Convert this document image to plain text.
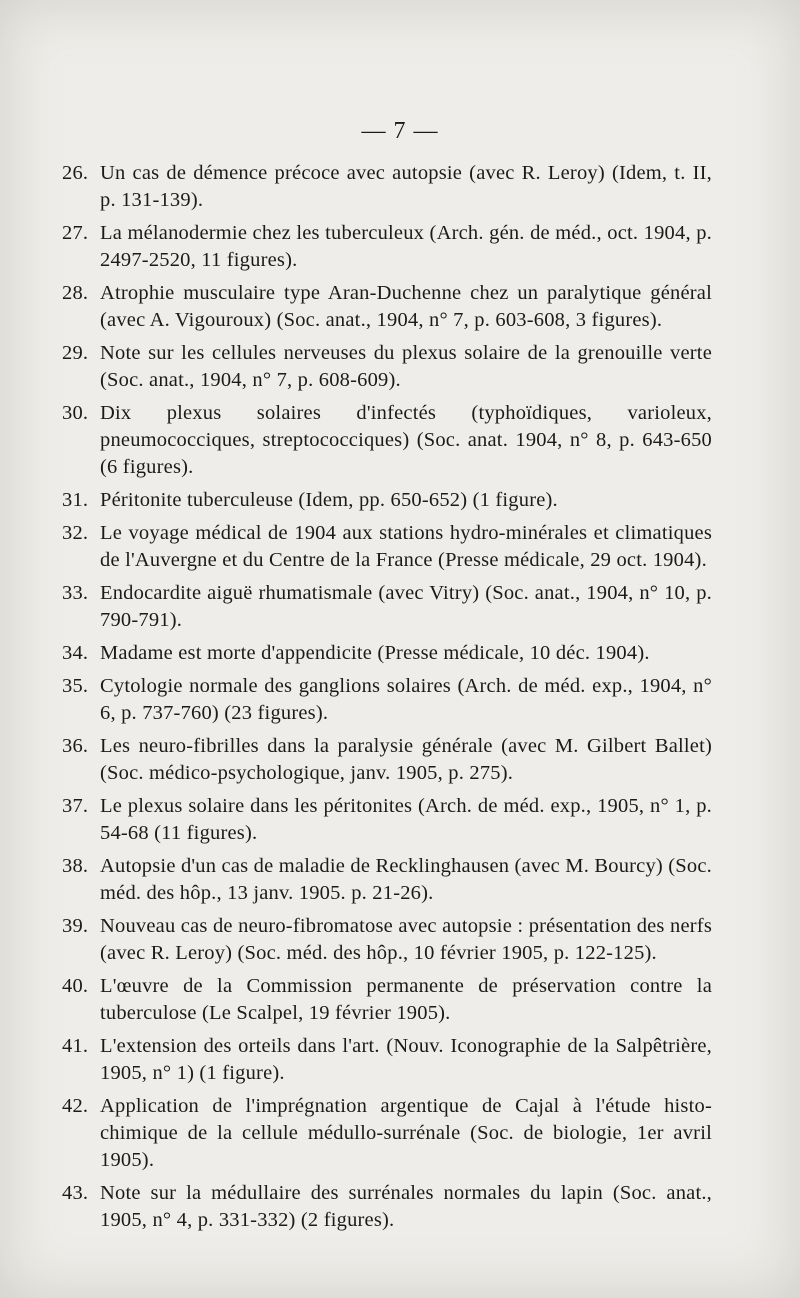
— 7 —
26. Un cas de démence précoce avec autopsie (avec R. Leroy) (Idem, t. II, p. 131-139).
27. La mélanodermie chez les tuberculeux (Arch. gén. de méd., oct. 1904, p. 2497-2520, 11 figures).
28. Atrophie musculaire type Aran-Duchenne chez un paralytique général (avec A. Vigouroux) (Soc. anat., 1904, n° 7, p. 603-608, 3 figures).
29. Note sur les cellules nerveuses du plexus solaire de la grenouille verte (Soc. anat., 1904, n° 7, p. 608-609).
30. Dix plexus solaires d'infectés (typhoïdiques, varioleux, pneumococciques, streptococciques) (Soc. anat. 1904, n° 8, p. 643-650 (6 figures).
31. Péritonite tuberculeuse (Idem, pp. 650-652) (1 figure).
32. Le voyage médical de 1904 aux stations hydro-minérales et climatiques de l'Auvergne et du Centre de la France (Presse médicale, 29 oct. 1904).
33. Endocardite aiguë rhumatismale (avec Vitry) (Soc. anat., 1904, n° 10, p. 790-791).
34. Madame est morte d'appendicite (Presse médicale, 10 déc. 1904).
35. Cytologie normale des ganglions solaires (Arch. de méd. exp., 1904, n° 6, p. 737-760) (23 figures).
36. Les neuro-fibrilles dans la paralysie générale (avec M. Gilbert Ballet) (Soc. médico-psychologique, janv. 1905, p. 275).
37. Le plexus solaire dans les péritonites (Arch. de méd. exp., 1905, n° 1, p. 54-68 (11 figures).
38. Autopsie d'un cas de maladie de Recklinghausen (avec M. Bourcy) (Soc. méd. des hôp., 13 janv. 1905. p. 21-26).
39. Nouveau cas de neuro-fibromatose avec autopsie : présentation des nerfs (avec R. Leroy) (Soc. méd. des hôp., 10 février 1905, p. 122-125).
40. L'œuvre de la Commission permanente de préservation contre la tuberculose (Le Scalpel, 19 février 1905).
41. L'extension des orteils dans l'art. (Nouv. Iconographie de la Salpêtrière, 1905, n° 1) (1 figure).
42. Application de l'imprégnation argentique de Cajal à l'étude histo-chimique de la cellule médullo-surrénale (Soc. de biologie, 1er avril 1905).
43. Note sur la médullaire des surrénales normales du lapin (Soc. anat., 1905, n° 4, p. 331-332) (2 figures).
